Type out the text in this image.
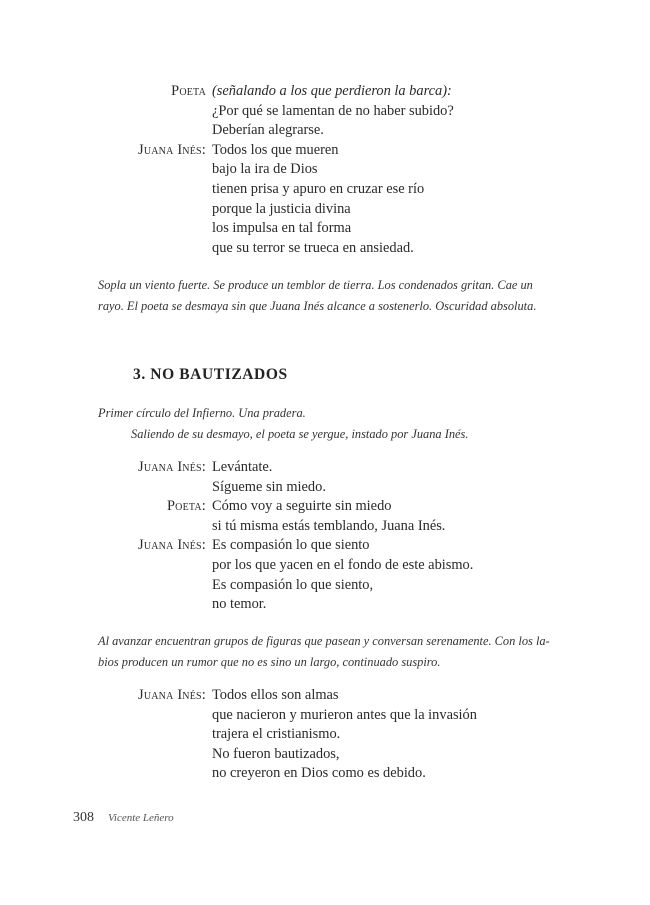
Poeta (señalando a los que perdieron la barca):
¿Por qué se lamentan de no haber subido?
Deberían alegrarse.
Juana Inés: Todos los que mueren
bajo la ira de Dios
tienen prisa y apuro en cruzar ese río
porque la justicia divina
los impulsa en tal forma
que su terror se trueca en ansiedad.
Sopla un viento fuerte. Se produce un temblor de tierra. Los condenados gritan. Cae un
rayo. El poeta se desmaya sin que Juana Inés alcance a sostenerlo. Oscuridad absoluta.
3. NO BAUTIZADOS
Primer círculo del Infierno. Una pradera.
Saliendo de su desmayo, el poeta se yergue, instado por Juana Inés.
Juana Inés: Levántate.
Sígueme sin miedo.
Poeta: Cómo voy a seguirte sin miedo
si tú misma estás temblando, Juana Inés.
Juana Inés: Es compasión lo que siento
por los que yacen en el fondo de este abismo.
Es compasión lo que siento,
no temor.
Al avanzar encuentran grupos de figuras que pasean y conversan serenamente. Con los la-
bios producen un rumor que no es sino un largo, continuado suspiro.
Juana Inés: Todos ellos son almas
que nacieron y murieron antes que la invasión
trajera el cristianismo.
No fueron bautizados,
no creyeron en Dios como es debido.
308 Vicente Leñero
